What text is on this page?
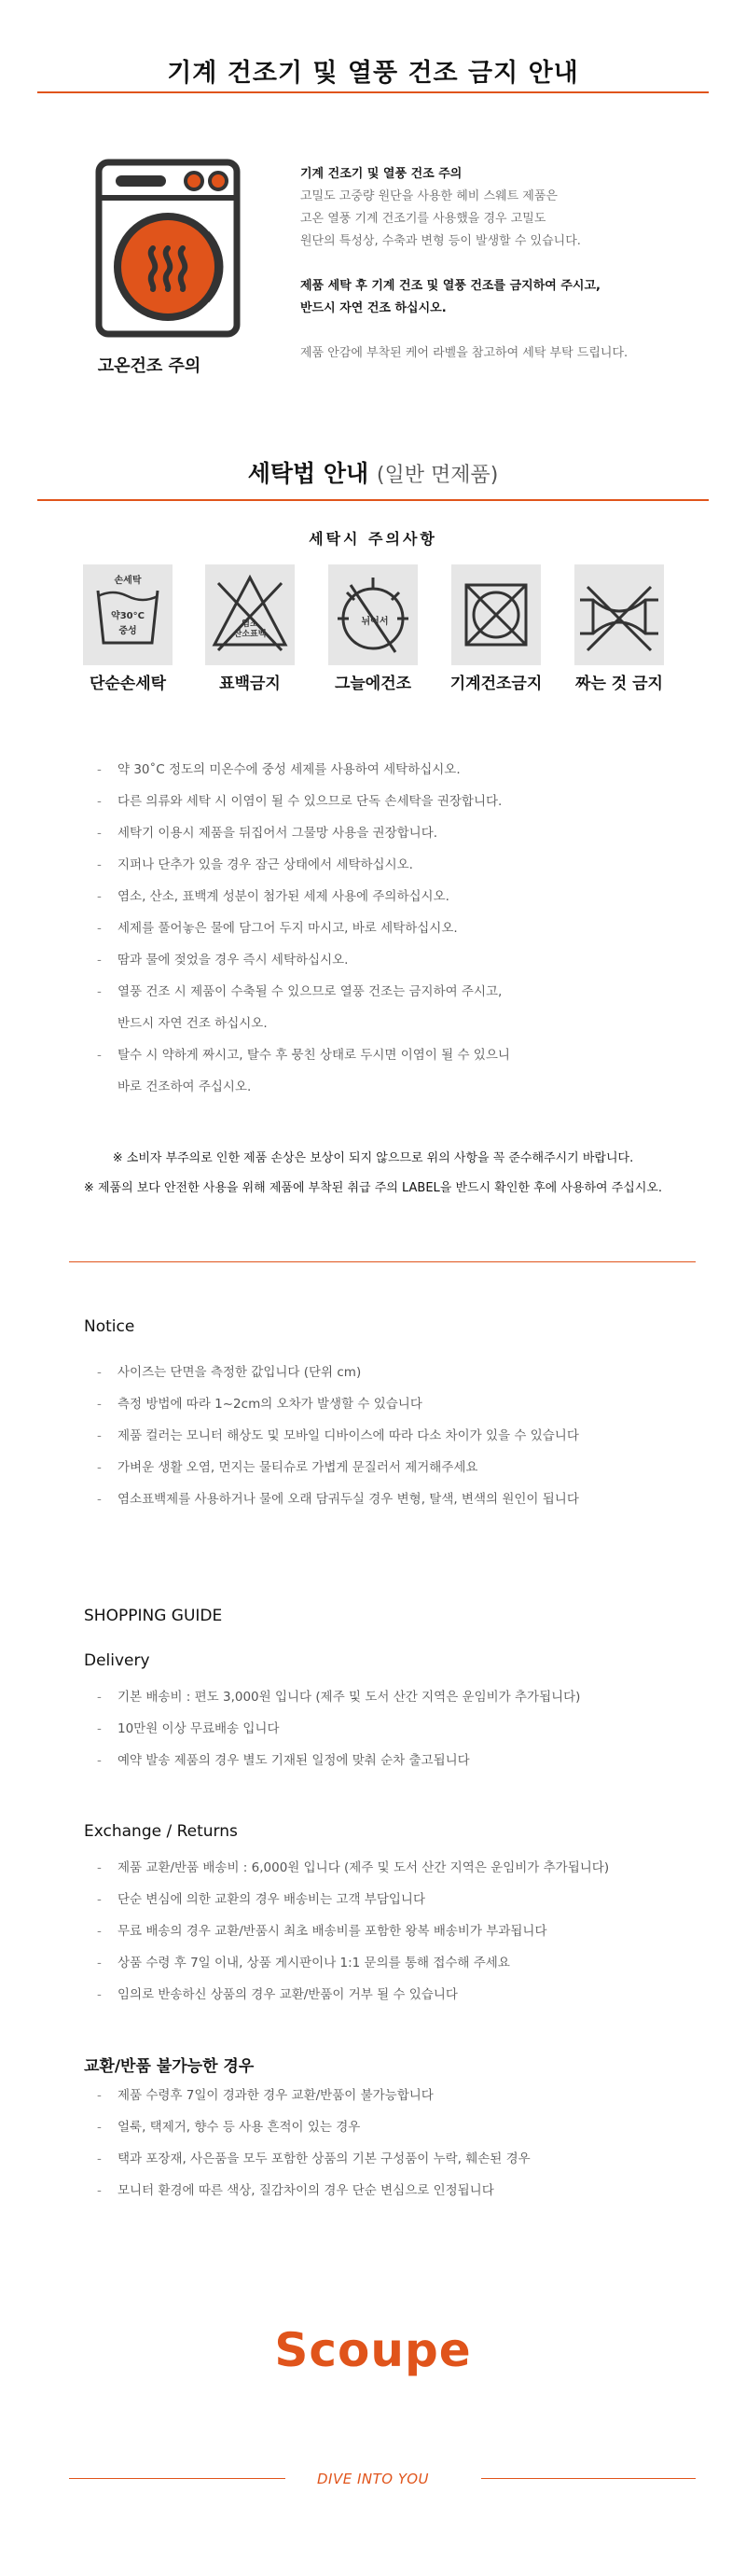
기계 건조기 및 열풍 건조 금지 안내
고온건조 주의
기계 건조기 및 열풍 건조 주의
고밀도 고중량 원단을 사용한 헤비 스웨트 제품은
고온 열풍 기계 건조기를 사용했을 경우 고밀도
원단의 특성상, 수축과 변형 등이 발생할 수 있습니다.
제품 세탁 후 기계 건조 및 열풍 건조를 금지하여 주시고,
반드시 자연 건조 하십시오.
제품 안감에 부착된 케어 라벨을 참고하여 세탁 부탁 드립니다.
세탁법 안내 (일반 면제품)
세탁시 주의사항
손세탁
약30°C
중성
염소
산소표백
뉘어서
단순손세탁	표백금지	그늘에건조	기계건조금지	짜는 것 금지
- 약 30˚C 정도의 미온수에 중성 세제를 사용하여 세탁하십시오.
- 다른 의류와 세탁 시 이염이 될 수 있으므로 단독 손세탁을 권장합니다.
- 세탁기 이용시 제품을 뒤집어서 그물망 사용을 권장합니다.
- 지퍼나 단추가 있을 경우 잠근 상태에서 세탁하십시오.
- 염소, 산소, 표백계 성분이 첨가된 세제 사용에 주의하십시오.
- 세제를 풀어놓은 물에 담그어 두지 마시고, 바로 세탁하십시오.
- 땀과 물에 젖었을 경우 즉시 세탁하십시오.
- 열풍 건조 시 제품이 수축될 수 있으므로 열풍 건조는 금지하여 주시고,
반드시 자연 건조 하십시오.
- 탈수 시 약하게 짜시고, 탈수 후 뭉친 상태로 두시면 이염이 될 수 있으니
바로 건조하여 주십시오.
※ 소비자 부주의로 인한 제품 손상은 보상이 되지 않으므로 위의 사항을 꼭 준수해주시기 바랍니다.
※ 제품의 보다 안전한 사용을 위해 제품에 부착된 취급 주의 LABEL을 반드시 확인한 후에 사용하여 주십시오.
Notice
- 사이즈는 단면을 측정한 값입니다 (단위 cm)
- 측정 방법에 따라 1~2cm의 오차가 발생할 수 있습니다
- 제품 컬러는 모니터 해상도 및 모바일 디바이스에 따라 다소 차이가 있을 수 있습니다
- 가벼운 생활 오염, 먼지는 물티슈로 가볍게 문질러서 제거해주세요
- 염소표백제를 사용하거나 물에 오래 담궈두실 경우 변형, 탈색, 변색의 원인이 됩니다
SHOPPING GUIDE
Delivery
- 기본 배송비 : 편도 3,000원 입니다 (제주 및 도서 산간 지역은 운임비가 추가됩니다)
- 10만원 이상 무료배송 입니다
- 예약 발송 제품의 경우 별도 기재된 일정에 맞춰 순차 출고됩니다
Exchange / Returns
- 제품 교환/반품 배송비 : 6,000원 입니다 (제주 및 도서 산간 지역은 운임비가 추가됩니다)
- 단순 변심에 의한 교환의 경우 배송비는 고객 부담입니다
- 무료 배송의 경우 교환/반품시 최초 배송비를 포함한 왕복 배송비가 부과됩니다
- 상품 수령 후 7일 이내, 상품 게시판이나 1:1 문의를 통해 접수해 주세요
- 임의로 반송하신 상품의 경우 교환/반품이 거부 될 수 있습니다
교환/반품 불가능한 경우
- 제품 수령후 7일이 경과한 경우 교환/반품이 불가능합니다
- 얼룩, 택제거, 향수 등 사용 흔적이 있는 경우
- 택과 포장재, 사은품을 모두 포함한 상품의 기본 구성품이 누락, 훼손된 경우
- 모니터 환경에 따른 색상, 질감차이의 경우 단순 변심으로 인정됩니다
Scoupe
DIVE INTO YOU
